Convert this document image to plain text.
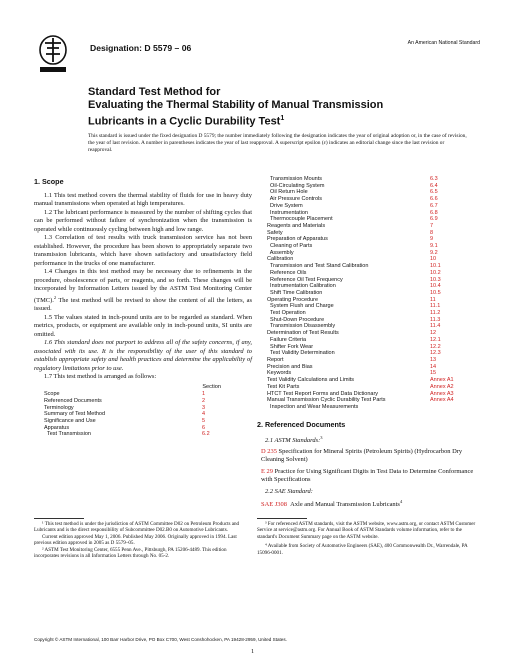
Designation: D 5579 – 06	An American National Standard
Standard Test Method for
Evaluating the Thermal Stability of Manual Transmission
Lubricants in a Cyclic Durability Test$^1$
This standard is issued under the fixed designation D 5579; the number immediately following the designation indicates the year of original adoption or, in the case of revision, the year of last revision. A number in parentheses indicates the year of last reapproval. A superscript epsilon (ε) indicates an editorial change since the last revision or reapproval.
1. Scope

1.1 This test method covers the thermal stability of fluids for use in heavy duty manual transmissions when operated at high temperatures.

1.2 The lubricant performance is measured by the number of shifting cycles that can be performed without failure of synchronization when the transmission is operated while continuously cycling between high and low range.

1.3 Correlation of test results with truck transmission service has not been established. However, the procedure has been shown to appropriately separate two transmission lubricants, which have shown satisfactory and unsatisfactory field performance in the trucks of one manufacturer.

1.4 Changes in this test method may be necessary due to refinements in the procedure, obsolescence of parts, or reagents, and so forth. These changes will be incorporated by Information Letters issued by the ASTM Test Monitoring Center (TMC).$^2$ The test method will be revised to show the content of all the letters, as issued.

1.5 The values stated in inch-pound units are to be regarded as standard. When metrics, products, or equipment are available only in inch-pound units, SI units are omitted.

1.6 This standard does not purport to address all of the safety concerns, if any, associated with its use. It is the responsibility of the user of this standard to establish appropriate safety and health practices and determine the applicability of regulatory limitations prior to use.

1.7 This test method is arranged as follows:

Section
Scope	1
Referenced Documents	2
Terminology	3
Summary of Test Method	4
Significance and Use	5
Apparatus	6
Test Transmission	6.2
Transmission Mounts	6.3
Oil-Circulating System	6.4
Oil Return Hole	6.5
Air Pressure Controls	6.6
Drive System	6.7
Instrumentation	6.8
Thermocouple Placement	6.9
Reagents and Materials	7
Safety	8
Preparation of Apparatus	9
Cleaning of Parts	9.1
Assembly	9.2
Calibration	10
Transmission and Test Stand Calibration	10.1
Reference Oils	10.2
Reference Oil Test Frequency	10.3
Instrumentation Calibration	10.4
Shift Time Calibration	10.5
Operating Procedure	11
System Flush and Charge	11.1
Test Operation	11.2
Shut-Down Procedure	11.3
Transmission Disassembly	11.4
Determination of Test Results	12
Failure Criteria	12.1
Shifter Fork Wear	12.2
Test Validity Determination	12.3
Report	13
Precision and Bias	14
Keywords	15
Test Validity Calculations and Limits	Annex A1
Test Kit Parts	Annex A2
HTCT Test Report Forms and Data Dictionary	Annex A3
Manual Transmission Cyclic Durability Test Parts	Annex A4
Inspection and Wear Measurements	
2. Referenced Documents

2.1 ASTM Standards:$^3$

D 235 Specification for Mineral Spirits (Petroleum Spirits) (Hydrocarbon Dry Cleaning Solvent)

E 29 Practice for Using Significant Digits in Test Data to Determine Conformance with Specifications

2.2 SAE Standard:

SAE J308 Axle and Manual Transmission Lubricants$^4$

¹ This test method is under the jurisdiction of ASTM Committee D02 on Petroleum Products and Lubricants and is the direct responsibility of Subcommittee D02.B0 on Automotive Lubricants.
Current edition approved May 1, 2006. Published May 2006. Originally approved in 1994. Last previous edition approved in 2005 as D 5579–05.
² ASTM Test Monitoring Center, 6555 Penn Ave., Pittsburgh, PA 15206-4489. This edition incorporates revisions in all Information Letters through No. 05-2.
³ For referenced ASTM standards, visit the ASTM website, www.astm.org, or contact ASTM Customer Service at service@astm.org. For Annual Book of ASTM Standards volume information, refer to the standard's Document Summary page on the ASTM website.
⁴ Available from Society of Automotive Engineers (SAE), 400 Commonwealth Dr., Warrendale, PA 15096-0001.
Copyright © ASTM International, 100 Barr Harbor Drive, PO Box C700, West Conshohocken, PA 19428-2959, United States.
1
